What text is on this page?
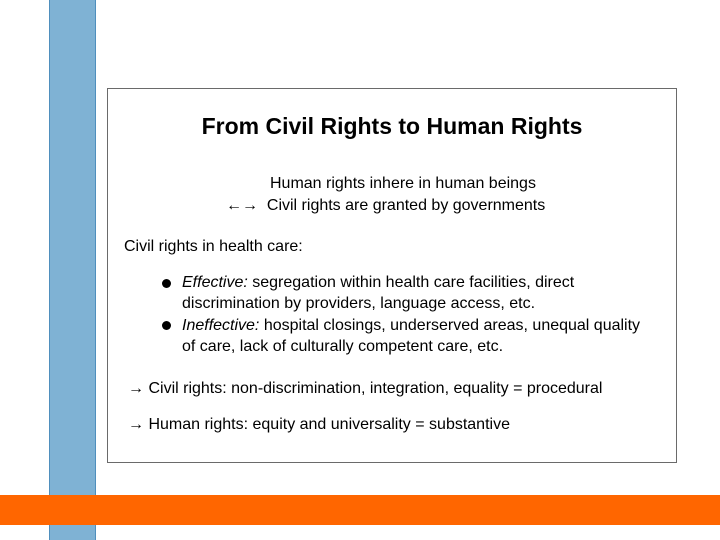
From Civil Rights to Human Rights
Human rights inhere in human beings
←→ Civil rights are granted by governments
Civil rights in health care:
Effective: segregation within health care facilities, direct discrimination by providers, language access, etc.
Ineffective: hospital closings, underserved areas, unequal quality of care, lack of culturally competent care, etc.
→ Civil rights: non-discrimination, integration, equality = procedural
→ Human rights: equity and universality = substantive
